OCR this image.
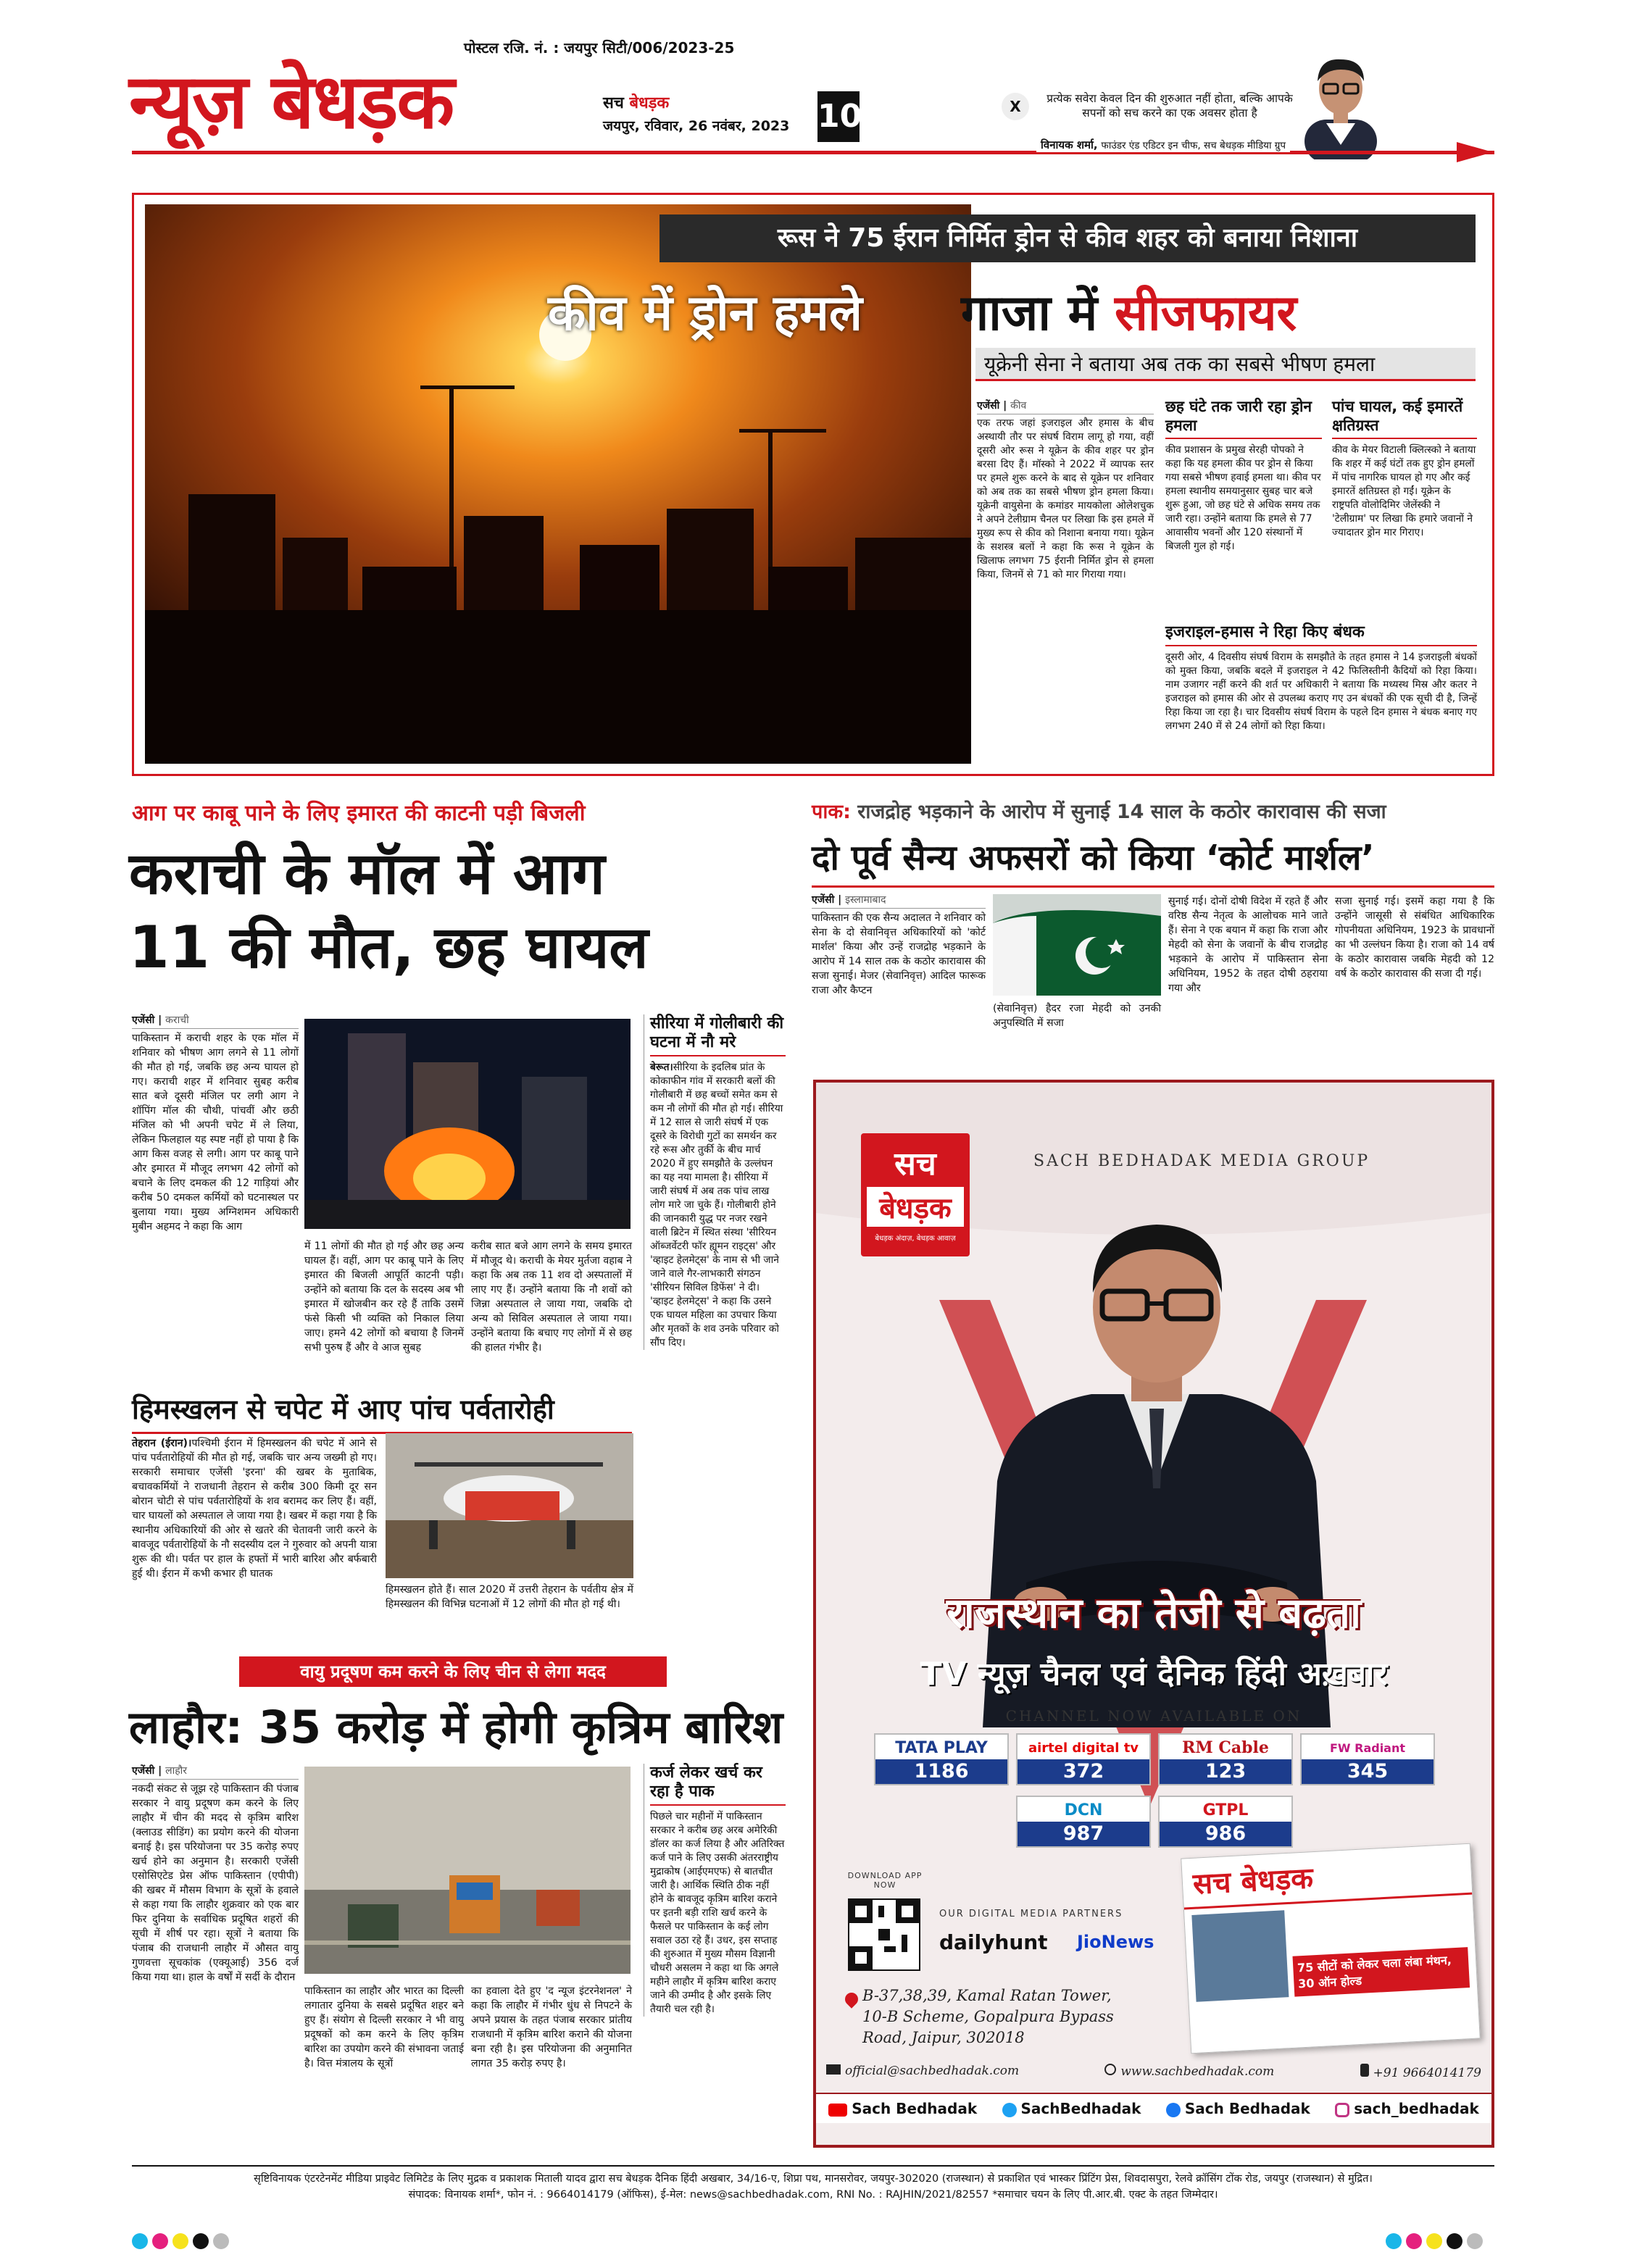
पोस्टल रजि. नं. : जयपुर सिटी/006/2023-25
न्यूज़ बेधड़क	सच बेधड़क
जयपुर, रविवार, 26 नवंबर, 2023 10	X	प्रत्येक सवेरा केवल दिन की शुरुआत नहीं होता, बल्कि आपके सपनों को सच करने का एक अवसर होता है
विनायक शर्मा, फाउंडर एंड एडिटर इन चीफ, सच बेधड़क मीडिया ग्रुप
रूस ने 75 ईरान निर्मित ड्रोन से कीव शहर को बनाया निशाना
कीव में ड्रोन हमले गाजा में सीजफायर
यूक्रेनी सेना ने बताया अब तक का सबसे भीषण हमला
एजेंसी | कीव

एक तरफ जहां इजराइल और हमास के बीच अस्थायी तौर पर संघर्ष विराम लागू हो गया, वहीं दूसरी ओर रूस ने यूक्रेन के कीव शहर पर ड्रोन बरसा दिए हैं। मॉस्को ने 2022 में व्यापक स्तर पर हमले शुरू करने के बाद से यूक्रेन पर शनिवार को अब तक का सबसे भीषण ड्रोन हमला किया। यूक्रेनी वायुसेना के कमांडर मायकोला ओलेशचुक ने अपने टेलीग्राम चैनल पर लिखा कि इस हमले में मुख्य रूप से कीव को निशाना बनाया गया। यूक्रेन के सशस्त्र बलों ने कहा कि रूस ने यूक्रेन के खिलाफ लगभग 75 ईरानी निर्मित ड्रोन से हमला किया, जिनमें से 71 को मार गिराया गया।

छह घंटे तक जारी रहा ड्रोन हमला

कीव प्रशासन के प्रमुख सेरही पोपको ने कहा कि यह हमला कीव पर ड्रोन से किया गया सबसे भीषण हवाई हमला था। कीव पर हमला स्थानीय समयानुसार सुबह चार बजे शुरू हुआ, जो छह घंटे से अधिक समय तक जारी रहा। उन्होंने बताया कि हमले से 77 आवासीय भवनों और 120 संस्थानों में बिजली गुल हो गई।

पांच घायल, कई इमारतें क्षतिग्रस्त

कीव के मेयर विटाली क्लित्स्को ने बताया कि शहर में कई घंटों तक हुए ड्रोन हमलों में पांच नागरिक घायल हो गए और कई इमारतें क्षतिग्रस्त हो गईं। यूक्रेन के राष्ट्रपति वोलोदिमिर जेलेंस्की ने 'टेलीग्राम' पर लिखा कि हमारे जवानों ने ज्यादातर ड्रोन मार गिराए।

इजराइल-हमास ने रिहा किए बंधक

दूसरी ओर, 4 दिवसीय संघर्ष विराम के समझौते के तहत हमास ने 14 इजराइली बंधकों को मुक्त किया, जबकि बदले में इजराइल ने 42 फिलिस्तीनी कैदियों को रिहा किया। नाम उजागर नहीं करने की शर्त पर अधिकारी ने बताया कि मध्यस्थ मिस्र और कतर ने इजराइल को हमास की ओर से उपलब्ध कराए गए उन बंधकों की एक सूची दी है, जिन्हें रिहा किया जा रहा है। चार दिवसीय संघर्ष विराम के पहले दिन हमास ने बंधक बनाए गए लगभग 240 में से 24 लोगों को रिहा किया।

आग पर काबू पाने के लिए इमारत की काटनी पड़ी बिजली
कराची के मॉल में आग
11 की मौत, छह घायल
एजेंसी | कराची

पाकिस्तान में कराची शहर के एक मॉल में शनिवार को भीषण आग लगने से 11 लोगों की मौत हो गई, जबकि छह अन्य घायल हो गए। कराची शहर में शनिवार सुबह करीब सात बजे दूसरी मंजिल पर लगी आग ने शॉपिंग मॉल की चौथी, पांचवीं और छठी मंजिल को भी अपनी चपेट में ले लिया, लेकिन फिलहाल यह स्पष्ट नहीं हो पाया है कि आग किस वजह से लगी। आग पर काबू पाने और इमारत में मौजूद लगभग 42 लोगों को बचाने के लिए दमकल की 12 गाड़ियां और करीब 50 दमकल कर्मियों को घटनास्थल पर बुलाया गया। मुख्य अग्निशमन अधिकारी मुबीन अहमद ने कहा कि आग

में 11 लोगों की मौत हो गई और छह अन्य घायल हैं। वहीं, आग पर काबू पाने के लिए इमारत की बिजली आपूर्ति काटनी पड़ी। उन्होंने को बताया कि दल के सदस्य अब भी इमारत में खोजबीन कर रहे हैं ताकि उसमें फंसे किसी भी व्यक्ति को निकाल लिया जाए। हमने 42 लोगों को बचाया है जिनमें सभी पुरुष हैं और वे आज सुबह

करीब सात बजे आग लगने के समय इमारत में मौजूद थे। कराची के मेयर मुर्तजा वहाब ने कहा कि अब तक 11 शव दो अस्पतालों में लाए गए हैं। उन्होंने बताया कि नौ शवों को जिन्ना अस्पताल ले जाया गया, जबकि दो अन्य को सिविल अस्पताल ले जाया गया। उन्होंने बताया कि बचाए गए लोगों में से छह की हालत गंभीर है।

सीरिया में गोलीबारी की घटना में नौ मरे

बेरूत।सीरिया के इदलिब प्रांत के कोकाफीन गांव में सरकारी बलों की गोलीबारी में छह बच्चों समेत कम से कम नौ लोगों की मौत हो गई। सीरिया में 12 साल से जारी संघर्ष में एक दूसरे के विरोधी गुटों का समर्थन कर रहे रूस और तुर्की के बीच मार्च 2020 में हुए समझौते के उल्लंघन का यह नया मामला है। सीरिया में जारी संघर्ष में अब तक पांच लाख लोग मारे जा चुके हैं। गोलीबारी होने की जानकारी युद्ध पर नजर रखने वाली ब्रिटेन में स्थित संस्था 'सीरियन ऑब्जर्वेटरी फॉर ह्यूमन राइट्स' और 'व्हाइट हेलमेट्स' के नाम से भी जाने जाने वाले गैर-लाभकारी संगठन 'सीरियन सिविल डिफेंस' ने दी। 'व्हाइट हेलमेट्स' ने कहा कि उसने एक घायल महिला का उपचार किया और मृतकों के शव उनके परिवार को सौंप दिए।

हिमस्खलन से चपेट में आए पांच पर्वतारोही

तेहरान (ईरान)।पश्चिमी ईरान में हिमस्खलन की चपेट में आने से पांच पर्वतारोहियों की मौत हो गई, जबकि चार अन्य जख्मी हो गए। सरकारी समाचार एजेंसी 'इरना' की खबर के मुताबिक, बचावकर्मियों ने राजधानी तेहरान से करीब 300 किमी दूर सन बोरान चोटी से पांच पर्वतारोहियों के शव बरामद कर लिए हैं। वहीं, चार घायलों को अस्पताल ले जाया गया है। खबर में कहा गया है कि स्थानीय अधिकारियों की ओर से खतरे की चेतावनी जारी करने के बावजूद पर्वतारोहियों के नौ सदस्यीय दल ने गुरुवार को अपनी यात्रा शुरू की थी। पर्वत पर हाल के हफ्तों में भारी बारिश और बर्फबारी हुई थी। ईरान में कभी कभार ही घातक

हिमस्खलन होते हैं। साल 2020 में उत्तरी तेहरान के पर्वतीय क्षेत्र में हिमस्खलन की विभिन्न घटनाओं में 12 लोगों की मौत हो गई थी।
वायु प्रदूषण कम करने के लिए चीन से लेगा मदद
लाहौर: 35 करोड़ में होगी कृत्रिम बारिश
एजेंसी | लाहौर

नकदी संकट से जूझ रहे पाकिस्तान की पंजाब सरकार ने वायु प्रदूषण कम करने के लिए लाहौर में चीन की मदद से कृत्रिम बारिश (क्लाउड सीडिंग) का प्रयोग करने की योजना बनाई है। इस परियोजना पर 35 करोड़ रुपए खर्च होने का अनुमान है। सरकारी एजेंसी एसोसिएटेड प्रेस ऑफ पाकिस्तान (एपीपी) की खबर में मौसम विभाग के सूत्रों के हवाले से कहा गया कि लाहौर शुक्रवार को एक बार फिर दुनिया के सर्वाधिक प्रदूषित शहरों की सूची में शीर्ष पर रहा। सूत्रों ने बताया कि पंजाब की राजधानी लाहौर में औसत वायु गुणवत्ता सूचकांक (एक्यूआई) 356 दर्ज किया गया था। हाल के वर्षों में सर्दी के दौरान

पाकिस्तान का लाहौर और भारत का दिल्ली लगातार दुनिया के सबसे प्रदूषित शहर बने हुए हैं। संयोग से दिल्ली सरकार ने भी वायु प्रदूषकों को कम करने के लिए कृत्रिम बारिश का उपयोग करने की संभावना जताई है। वित्त मंत्रालय के सूत्रों

का हवाला देते हुए 'द न्यूज इंटरनेशनल' ने कहा कि लाहौर में गंभीर धुंध से निपटने के अपने प्रयास के तहत पंजाब सरकार प्रांतीय राजधानी में कृत्रिम बारिश कराने की योजना बना रही है। इस परियोजना की अनुमानित लागत 35 करोड़ रुपए है।

कर्ज लेकर खर्च कर रहा है पाक

पिछले चार महीनों में पाकिस्तान सरकार ने करीब छह अरब अमेरिकी डॉलर का कर्ज लिया है और अतिरिक्त कर्ज पाने के लिए उसकी अंतरराष्ट्रीय मुद्राकोष (आईएमएफ) से बातचीत जारी है। आर्थिक स्थिति ठीक नहीं होने के बावजूद कृत्रिम बारिश कराने पर इतनी बड़ी राशि खर्च करने के फैसले पर पाकिस्तान के कई लोग सवाल उठा रहे हैं। उधर, इस सप्ताह की शुरुआत में मुख्य मौसम विज्ञानी चौधरी असलम ने कहा था कि अगले महीने लाहौर में कृत्रिम बारिश कराए जाने की उम्मीद है और इसके लिए तैयारी चल रही है।

पाक: राजद्रोह भड़काने के आरोप में सुनाई 14 साल के कठोर कारावास की सजा
दो पूर्व सैन्य अफसरों को किया ‘कोर्ट मार्शल’
एजेंसी | इस्लामाबाद

पाकिस्तान की एक सैन्य अदालत ने शनिवार को सेना के दो सेवानिवृत्त अधिकारियों को 'कोर्ट मार्शल' किया और उन्हें राजद्रोह भड़काने के आरोप में 14 साल तक के कठोर कारावास की सजा सुनाई। मेजर (सेवानिवृत्त) आदिल फारूक राजा और कैप्टन

(सेवानिवृत्त) हैदर रजा मेहदी को उनकी अनुपस्थिति में सजा

सुनाई गई। दोनों दोषी विदेश में रहते हैं और वरिष्ठ सैन्य नेतृत्व के आलोचक माने जाते हैं। सेना ने एक बयान में कहा कि राजा और मेहदी को सेना के जवानों के बीच राजद्रोह भड़काने के आरोप में पाकिस्तान सेना अधिनियम, 1952 के तहत दोषी ठहराया गया और

सजा सुनाई गई। इसमें कहा गया है कि उन्होंने जासूसी से संबंधित आधिकारिक गोपनीयता अधिनियम, 1923 के प्रावधानों का भी उल्लंघन किया है। राजा को 14 वर्ष के कठोर कारावास जबकि मेहदी को 12 वर्ष के कठोर कारावास की सजा दी गई।

SACH BEDHADAK MEDIA GROUP
सच
बेधड़क
बेधड़क अंदाज़, बेधड़क आवाज़
राजस्थान का तेजी से बढ़ता
TV न्यूज़ चैनल एवं दैनिक हिंदी अख़बार
CHANNEL NOW AVAILABLE ON
TATA PLAY
1186
airtel digital tv
372
RM Cable
123
FW Radiant
345
DCN
987
GTPL
986
DOWNLOAD APP NOW
OUR DIGITAL MEDIA PARTNERS
dailyhunt JioNews
B-37,38,39, Kamal Ratan Tower,
10-B Scheme, Gopalpura Bypass
Road, Jaipur, 302018
सच बेधड़क
75 सीटों को लेकर चला लंबा मंथन, 30 ऑन होल्ड
official@sachbedhadak.com	www.sachbedhadak.com	+91 9664014179
Sach Bedhadak	SachBedhadak	Sach Bedhadak	sach_bedhadak
सृष्टिविनायक एंटरटेनमेंट मीडिया प्राइवेट लिमिटेड के लिए मुद्रक व प्रकाशक मिताली यादव द्वारा सच बेधड़क दैनिक हिंदी अखबार, 34/16-ए, शिप्रा पथ, मानसरोवर, जयपुर-302020 (राजस्थान) से प्रकाशित एवं भास्कर प्रिंटिंग प्रेस, शिवदासपुरा, रेलवे क्रॉसिंग टोंक रोड, जयपुर (राजस्थान) से मुद्रित।
संपादक: विनायक शर्मा*, फोन नं. : 9664014179 (ऑफिस), ई-मेल: news@sachbedhadak.com, RNI No. : RAJHIN/2021/82557 *समाचार चयन के लिए पी.आर.बी. एक्ट के तहत जिम्मेदार।
